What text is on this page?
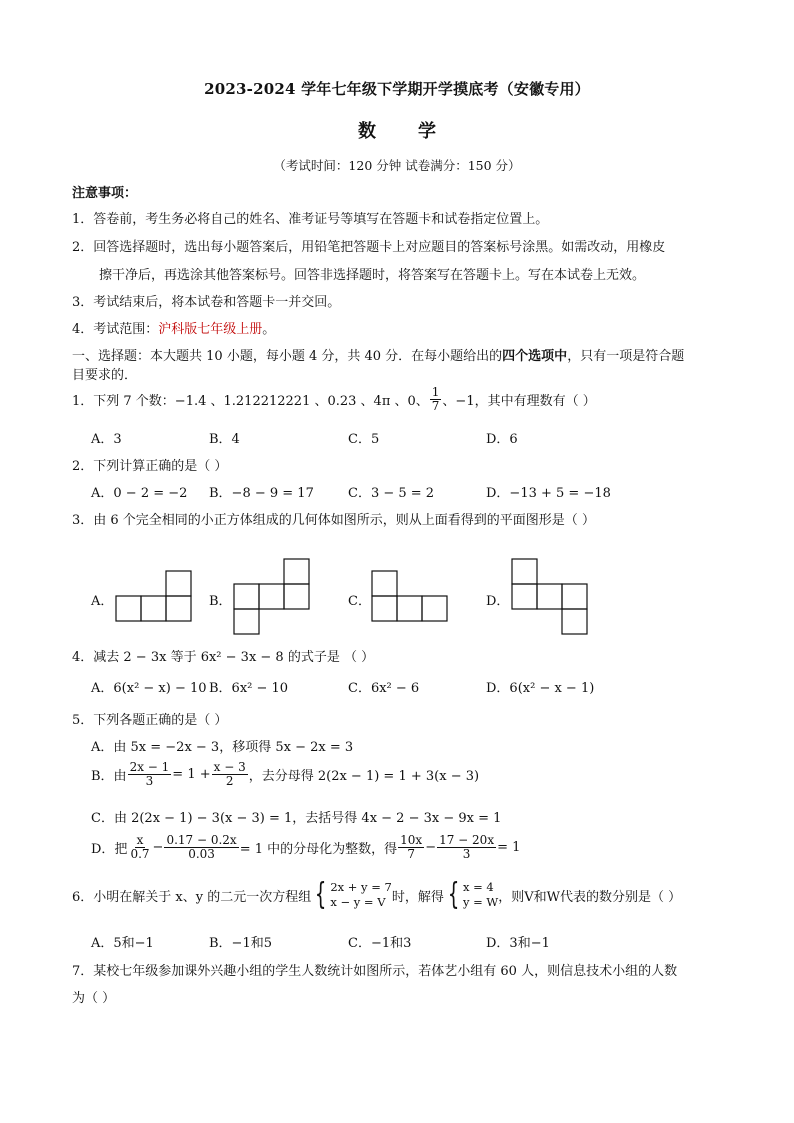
2023-2024 学年七年级下学期开学摸底考（安徽专用）
数 学
（考试时间：120 分钟 试卷满分：150 分）
注意事项：
1．答卷前，考生务必将自己的姓名、准考证号等填写在答题卡和试卷指定位置上。
2．回答选择题时，选出每小题答案后，用铅笔把答题卡上对应题目的答案标号涂黑。如需改动，用橡皮
擦干净后，再选涂其他答案标号。回答非选择题时，将答案写在答题卡上。写在本试卷上无效。
3．考试结束后，将本试卷和答题卡一并交回。
4．考试范围：沪科版七年级上册。
一、选择题：本大题共 10 小题，每小题 4 分，共 40 分．在每小题给出的四个选项中，只有一项是符合题
目要求的．
1．下列 7 个数：−1.4 、1.212212221 、0.23 、4π 、0、 $\frac{1}{7}$ 、−1，其中有理数有（ ）
A．3	B．4	C．5	D．6
2．下列计算正确的是（ ）
A．0 − 2 = −2 B．−8 − 9 = 17	C．3 − 5 = 2	D．−13 + 5 = −18
3．由 6 个完全相同的小正方体组成的几何体如图所示，则从上面看得到的平面图形是（ ）
A．	B．	C．	D．
4．减去 2 − 3x 等于 6x² − 3x − 8 的式子是 （ ）
A．6(x² − x) − 10 B．6x² − 10	C．6x² − 6	D．6(x² − x − 1)
5．下列各题正确的是（ ）
A．由 5x = −2x − 3，移项得 5x − 2x = 3
B．由 $\frac{2x - 1}{3} = 1 + \frac{x - 3}{2}$ ，去分母得 2(2x − 1) = 1 + 3(x − 3)
C．由 2(2x − 1) − 3(x − 3) = 1，去括号得 4x − 2 − 3x − 9x = 1
D．把 $\frac{x}{0.7} - \frac{0.17 - 0.2x}{0.03} = 1$ 中的分母化为整数，得 $\frac{10x}{7} - \frac{17 - 20x}{3} = 1$
6．小明在解关于 x、y 的二元一次方程组 { 2x + y = 7
x − y = V 时，解得 { x = 4
y = W ，则V和W代表的数分别是（ ）
A．5和−1	B．−1和5	C．−1和3	D．3和−1
7．某校七年级参加课外兴趣小组的学生人数统计如图所示，若体艺小组有 60 人，则信息技术小组的人数
为（ ）
